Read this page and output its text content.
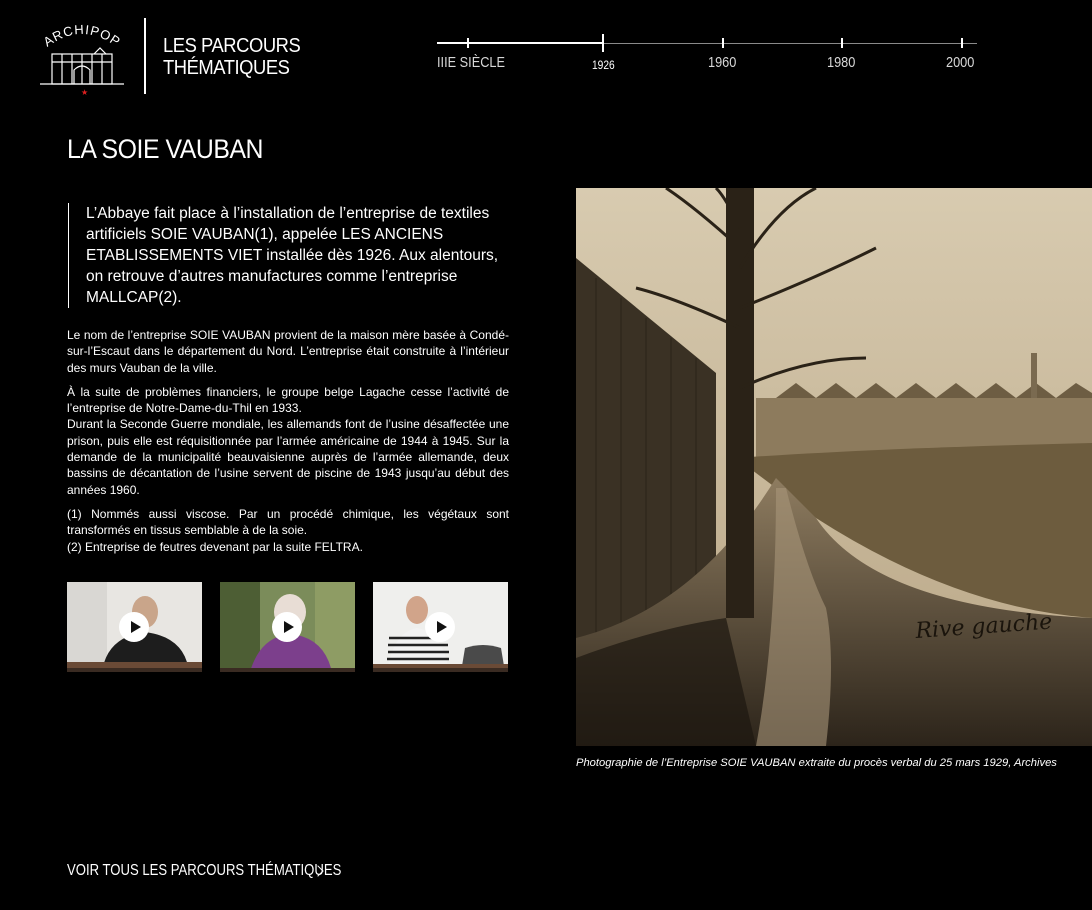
ARCHIPOP
★
LES PARCOURS THÉMATIQUES	IIIE SIÈCLE	1926	1960	1980	2000
LA SOIE VAUBAN
L’Abbaye fait place à l’installation de l’entreprise de textiles artificiels SOIE VAUBAN(1), appelée LES ANCIENS ETABLISSEMENTS VIET installée dès 1926. Aux alentours, on retrouve d’autres manufactures comme l’entreprise MALLCAP(2).

Le nom de l’entreprise SOIE VAUBAN provient de la maison mère basée à Condé-sur-l’Escaut dans le département du Nord. L’entreprise était construite à l’intérieur des murs Vauban de la ville.

À la suite de problèmes financiers, le groupe belge Lagache cesse l’activité de l’entreprise de Notre-Dame-du-Thil en 1933.

Durant la Seconde Guerre mondiale, les allemands font de l’usine désaffectée une prison, puis elle est réquisitionnée par l’armée américaine de 1944 à 1945. Sur la demande de la municipalité beauvaisienne auprès de l’armée allemande, deux bassins de décantation de l’usine servent de piscine de 1943 jusqu’au début des années 1960.

(1) Nommés aussi viscose. Par un procédé chimique, les végétaux sont transformés en tissus semblable à de la soie.

(2) Entreprise de feutres devenant par la suite FELTRA.

Rive gauche
Photographie de l’Entreprise SOIE VAUBAN extraite du procès verbal du 25 mars 1929, Archives
VOIR TOUS LES PARCOURS THÉMATIQUES
